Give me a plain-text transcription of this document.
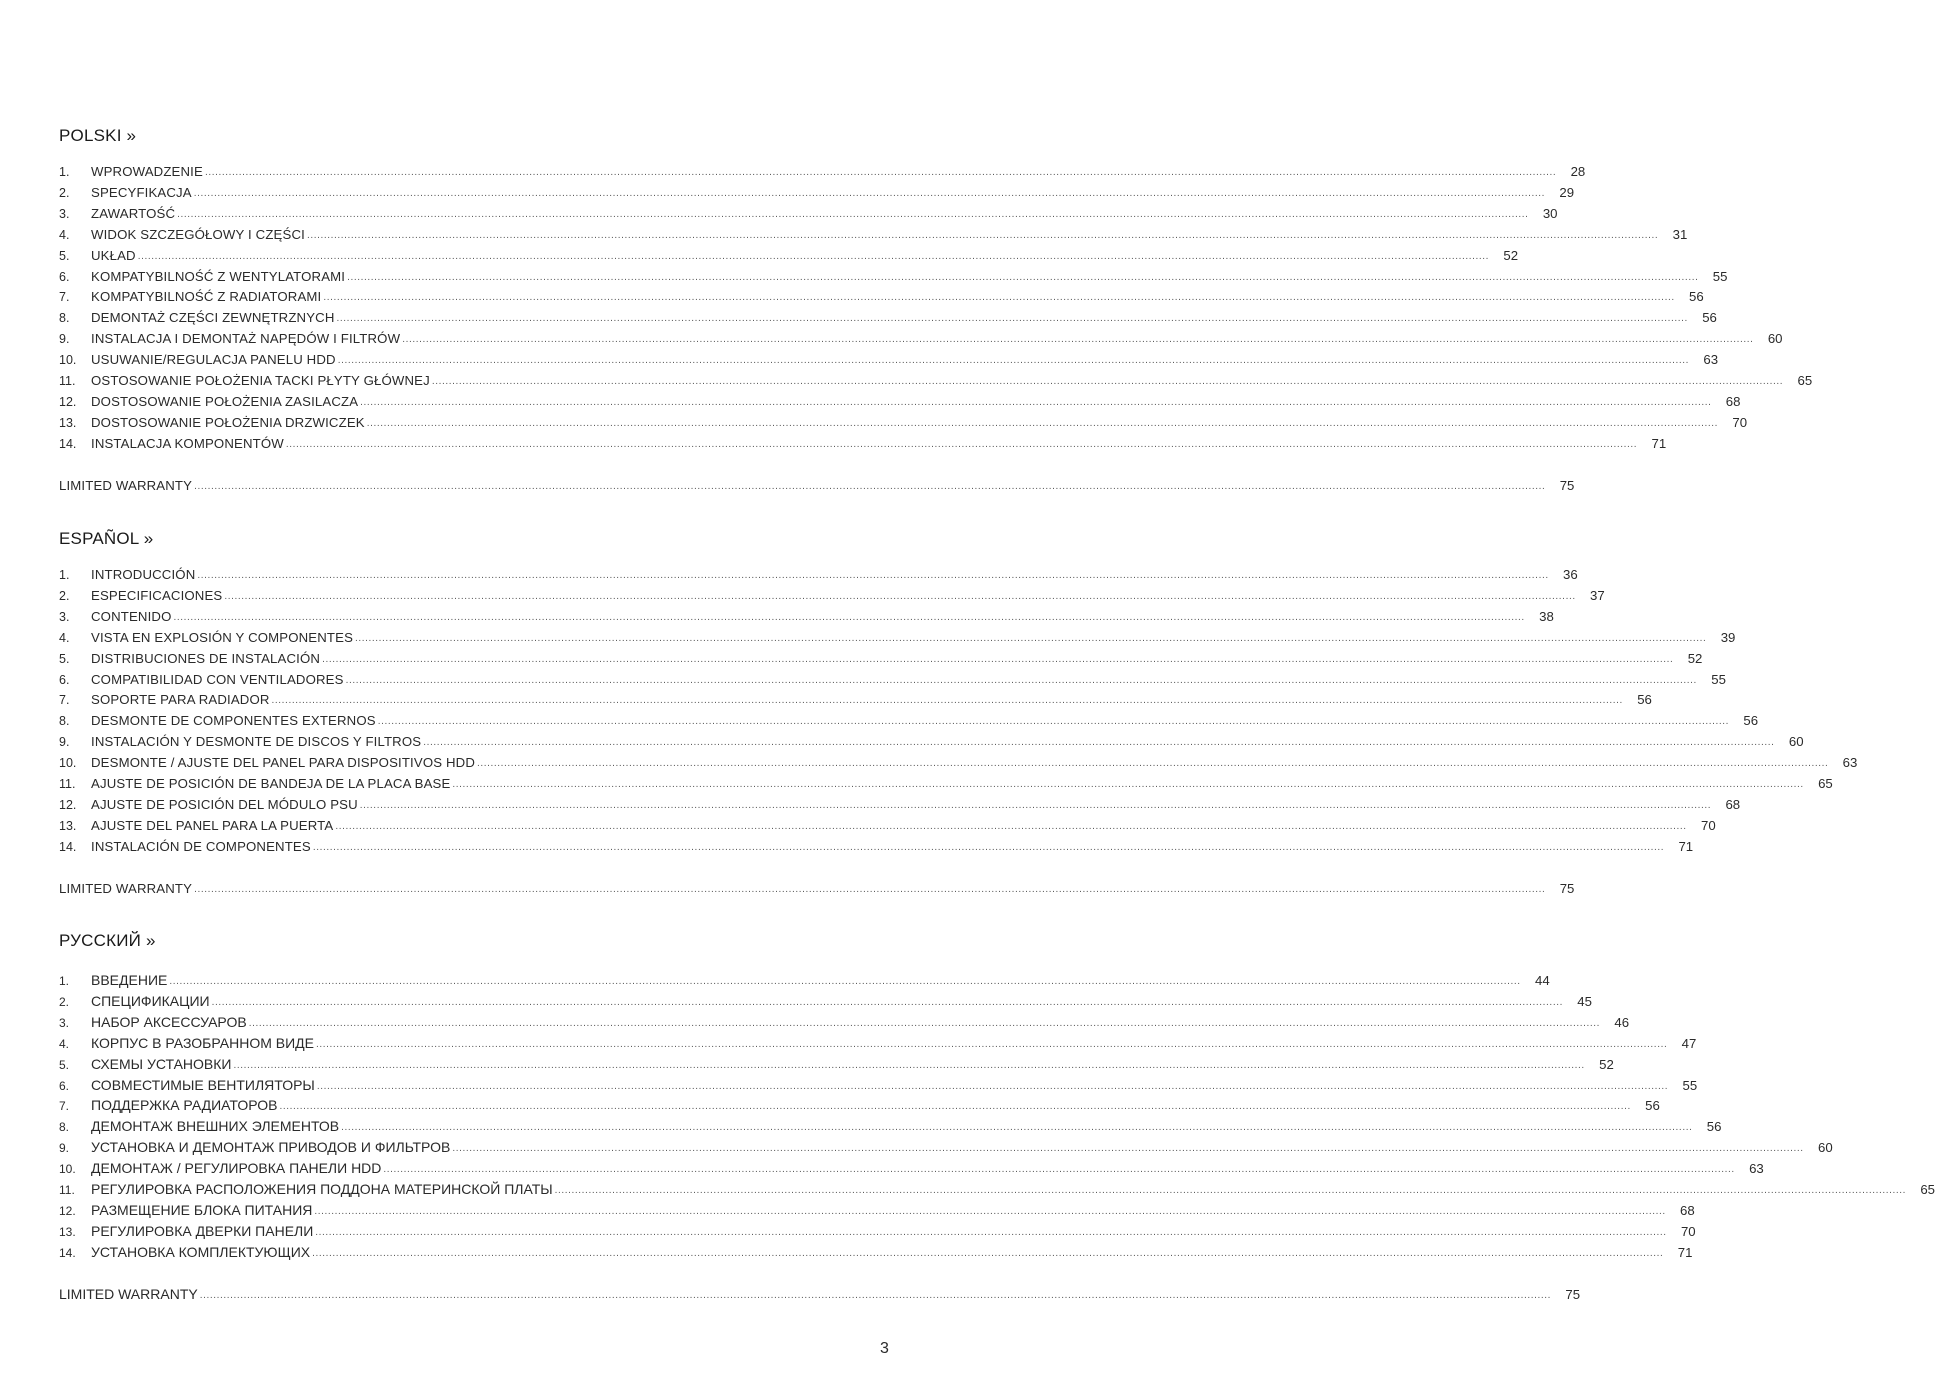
POLSKI »
1.	WPROWADZENIE ................................................................................................................................................................................................................................................................................................................................................................................................................	28
2.	SPECYFIKACJA ................................................................................................................................................................................................................................................................................................................................................................................................................	29
3.	ZAWARTOŚĆ ................................................................................................................................................................................................................................................................................................................................................................................................................	30
4.	WIDOK SZCZEGÓŁOWY I CZĘŚCI ................................................................................................................................................................................................................................................................................................................................................................................................................	31
5.	UKŁAD ................................................................................................................................................................................................................................................................................................................................................................................................................	52
6.	KOMPATYBILNOŚĆ Z WENTYLATORAMI ................................................................................................................................................................................................................................................................................................................................................................................................................	55
7.	KOMPATYBILNOŚĆ Z RADIATORAMI ................................................................................................................................................................................................................................................................................................................................................................................................................	56
8.	DEMONTAŻ CZĘŚCI ZEWNĘTRZNYCH ................................................................................................................................................................................................................................................................................................................................................................................................................	56
9.	INSTALACJA I DEMONTAŻ NAPĘDÓW I FILTRÓW ................................................................................................................................................................................................................................................................................................................................................................................................................	60
10.	USUWANIE/REGULACJA PANELU HDD ................................................................................................................................................................................................................................................................................................................................................................................................................	63
11.	OSTOSOWANIE POŁOŻENIA TACKI PŁYTY GŁÓWNEJ ................................................................................................................................................................................................................................................................................................................................................................................................................	65
12.	DOSTOSOWANIE POŁOŻENIA ZASILACZA ................................................................................................................................................................................................................................................................................................................................................................................................................	68
13.	DOSTOSOWANIE POŁOŻENIA DRZWICZEK ................................................................................................................................................................................................................................................................................................................................................................................................................	70
14.	INSTALACJA KOMPONENTÓW ................................................................................................................................................................................................................................................................................................................................................................................................................	71
LIMITED WARRANTY ................................................................................................................................................................................................................................................................................................................................................................................................................	75
ESPAÑOL »
1.	INTRODUCCIÓN ................................................................................................................................................................................................................................................................................................................................................................................................................	36
2.	ESPECIFICACIONES ................................................................................................................................................................................................................................................................................................................................................................................................................	37
3.	CONTENIDO ................................................................................................................................................................................................................................................................................................................................................................................................................	38
4.	VISTA EN EXPLOSIÓN Y COMPONENTES ................................................................................................................................................................................................................................................................................................................................................................................................................	39
5.	DISTRIBUCIONES DE INSTALACIÓN ................................................................................................................................................................................................................................................................................................................................................................................................................	52
6.	COMPATIBILIDAD CON VENTILADORES ................................................................................................................................................................................................................................................................................................................................................................................................................	55
7.	SOPORTE PARA RADIADOR ................................................................................................................................................................................................................................................................................................................................................................................................................	56
8.	DESMONTE DE COMPONENTES EXTERNOS ................................................................................................................................................................................................................................................................................................................................................................................................................	56
9.	INSTALACIÓN Y DESMONTE DE DISCOS Y FILTROS ................................................................................................................................................................................................................................................................................................................................................................................................................	60
10.	DESMONTE / AJUSTE DEL PANEL PARA DISPOSITIVOS HDD ................................................................................................................................................................................................................................................................................................................................................................................................................	63
11.	AJUSTE DE POSICIÓN DE BANDEJA DE LA PLACA BASE ................................................................................................................................................................................................................................................................................................................................................................................................................	65
12.	AJUSTE DE POSICIÓN DEL MÓDULO PSU ................................................................................................................................................................................................................................................................................................................................................................................................................	68
13.	AJUSTE DEL PANEL PARA LA PUERTA ................................................................................................................................................................................................................................................................................................................................................................................................................	70
14.	INSTALACIÓN DE COMPONENTES ................................................................................................................................................................................................................................................................................................................................................................................................................	71
LIMITED WARRANTY ................................................................................................................................................................................................................................................................................................................................................................................................................	75
РУССКИЙ »
1.	ВВЕДЕНИЕ ................................................................................................................................................................................................................................................................................................................................................................................................................	44
2.	СПЕЦИФИКАЦИИ ................................................................................................................................................................................................................................................................................................................................................................................................................	45
3.	НАБОР АКСЕССУАРОВ ................................................................................................................................................................................................................................................................................................................................................................................................................	46
4.	КОРПУС В РАЗОБРАННОМ ВИДЕ ................................................................................................................................................................................................................................................................................................................................................................................................................	47
5.	СХЕМЫ УСТАНОВКИ ................................................................................................................................................................................................................................................................................................................................................................................................................	52
6.	СОВМЕСТИМЫЕ ВЕНТИЛЯТОРЫ ................................................................................................................................................................................................................................................................................................................................................................................................................	55
7.	ПОДДЕРЖКА РАДИАТОРОВ ................................................................................................................................................................................................................................................................................................................................................................................................................	56
8.	ДЕМОНТАЖ ВНЕШНИХ ЭЛЕМЕНТОВ ................................................................................................................................................................................................................................................................................................................................................................................................................	56
9.	УСТАНОВКА И ДЕМОНТАЖ ПРИВОДОВ И ФИЛЬТРОВ ................................................................................................................................................................................................................................................................................................................................................................................................................	60
10.	ДЕМОНТАЖ / РЕГУЛИРОВКА ПАНЕЛИ HDD ................................................................................................................................................................................................................................................................................................................................................................................................................	63
11.	РЕГУЛИРОВКА РАСПОЛОЖЕНИЯ ПОДДОНА МАТЕРИНСКОЙ ПЛАТЫ ................................................................................................................................................................................................................................................................................................................................................................................................................	65
12.	РАЗМЕЩЕНИЕ БЛОКА ПИТАНИЯ ................................................................................................................................................................................................................................................................................................................................................................................................................	68
13.	РЕГУЛИРОВКА ДВЕРКИ ПАНЕЛИ ................................................................................................................................................................................................................................................................................................................................................................................................................	70
14.	УСТАНОВКА КОМПЛЕКТУЮЩИХ ................................................................................................................................................................................................................................................................................................................................................................................................................	71
LIMITED WARRANTY ................................................................................................................................................................................................................................................................................................................................................................................................................	75
3
